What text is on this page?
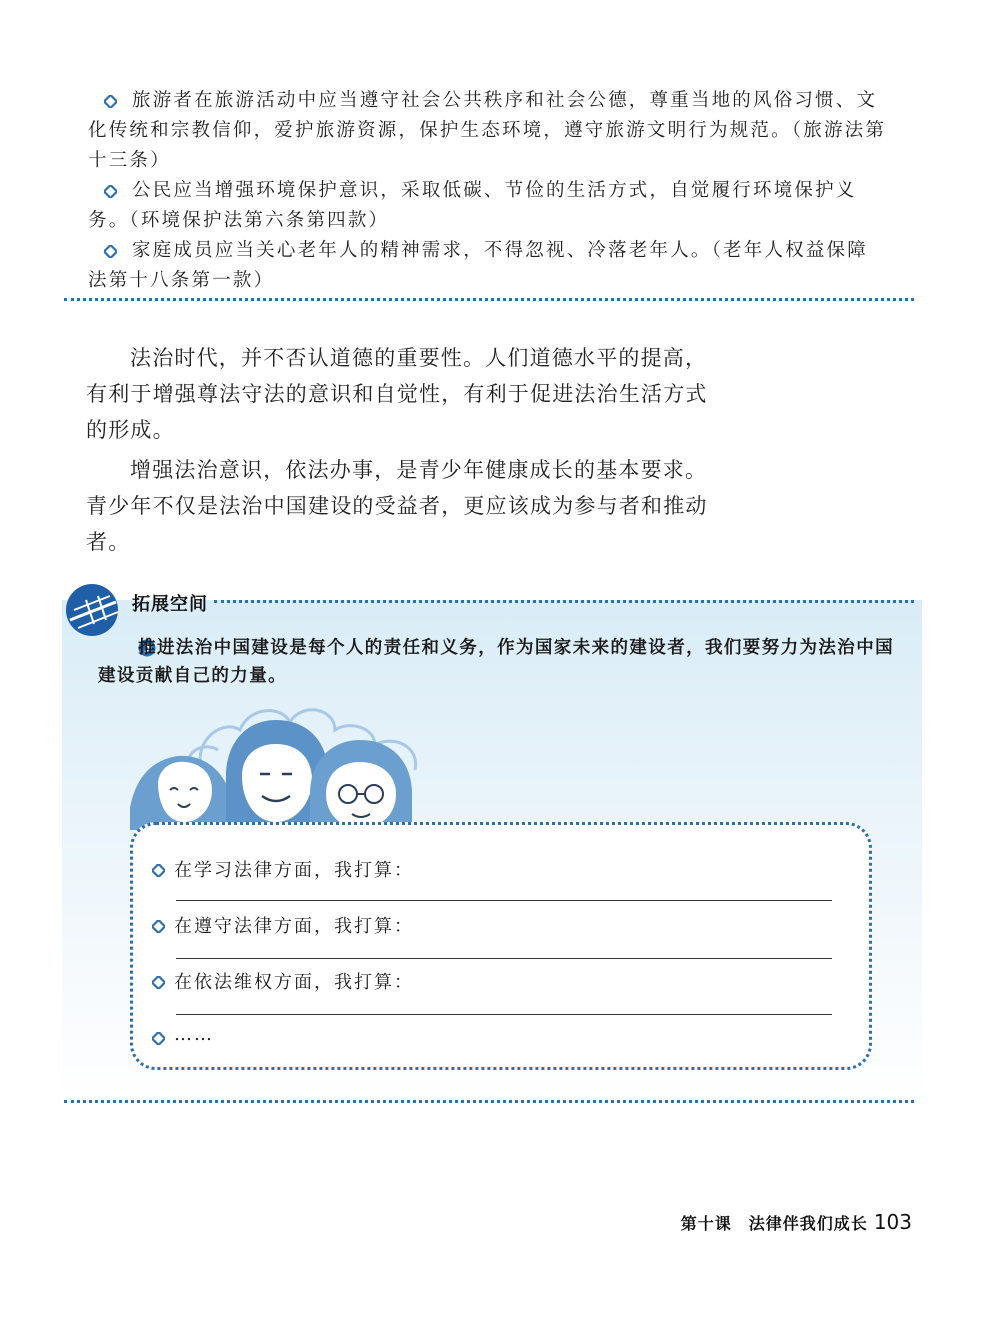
旅游者在旅游活动中应当遵守社会公共秩序和社会公德，尊重当地的风俗习惯、文化传统和宗教信仰，爱护旅游资源，保护生态环境，遵守旅游文明行为规范。（旅游法第十三条）

公民应当增强环境保护意识，采取低碳、节俭的生活方式，自觉履行环境保护义务。（环境保护法第六条第四款）

家庭成员应当关心老年人的精神需求，不得忽视、冷落老年人。（老年人权益保障法第十八条第一款）

法治时代，并不否认道德的重要性。人们道德水平的提高，有利于增强尊法守法的意识和自觉性，有利于促进法治生活方式的形成。

增强法治意识，依法办事，是青少年健康成长的基本要求。青少年不仅是法治中国建设的受益者，更应该成为参与者和推动者。

拓展空间

推进法治中国建设是每个人的责任和义务，作为国家未来的建设者，我们要努力为法治中国建设贡献自己的力量。

在学习法律方面，我打算：
在遵守法律方面，我打算：
在依法维权方面，我打算：
……
第十课　法律伴我们成长 103
